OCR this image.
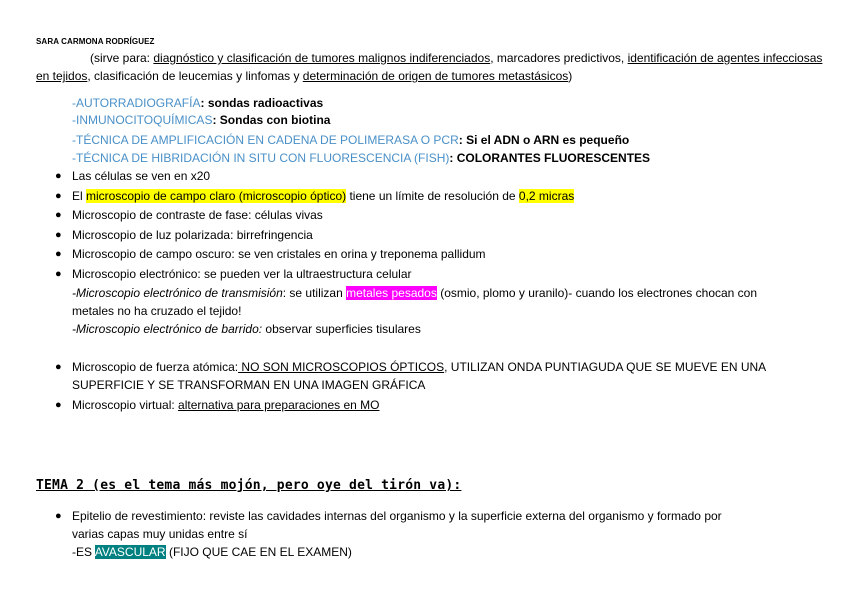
SARA CARMONA RODRÍGUEZ
(sirve para: diagnóstico y clasificación de tumores malignos indiferenciados, marcadores predictivos, identificación de agentes infecciosas en tejidos, clasificación de leucemias y linfomas y determinación de origen de tumores metastásicos)
-AUTORRADIOGRAFÍA: sondas radioactivas
-INMUNOCITOQUÍMICAS: Sondas con biotina
-TÉCNICA DE AMPLIFICACIÓN EN CADENA DE POLIMERASA O PCR: Si el ADN o ARN es pequeño
-TÉCNICA DE HIBRIDACIÓN IN SITU CON FLUORESCENCIA (FISH): COLORANTES FLUORESCENTES
● Las células se ven en x20
● El microscopio de campo claro (microscopio óptico) tiene un límite de resolución de 0,2 micras
● Microscopio de contraste de fase: células vivas
● Microscopio de luz polarizada: birrefringencia
● Microscopio de campo oscuro: se ven cristales en orina y treponema pallidum
● Microscopio electrónico: se pueden ver la ultraestructura celular
-Microscopio electrónico de transmisión: se utilizan metales pesados (osmio, plomo y uranilo)- cuando los electrones chocan con
metales no ha cruzado el tejido!
-Microscopio electrónico de barrido: observar superficies tisulares
● Microscopio de fuerza atómica: NO SON MICROSCOPIOS ÓPTICOS, UTILIZAN ONDA PUNTIAGUDA QUE SE MUEVE EN UNA
SUPERFICIE Y SE TRANSFORMAN EN UNA IMAGEN GRÁFICA
● Microscopio virtual: alternativa para preparaciones en MO
TEMA 2 (es el tema más mojón, pero oye del tirón va):
● Epitelio de revestimiento: reviste las cavidades internas del organismo y la superficie externa del organismo y formado por
varias capas muy unidas entre sí
-ES AVASCULAR (FIJO QUE CAE EN EL EXAMEN)
